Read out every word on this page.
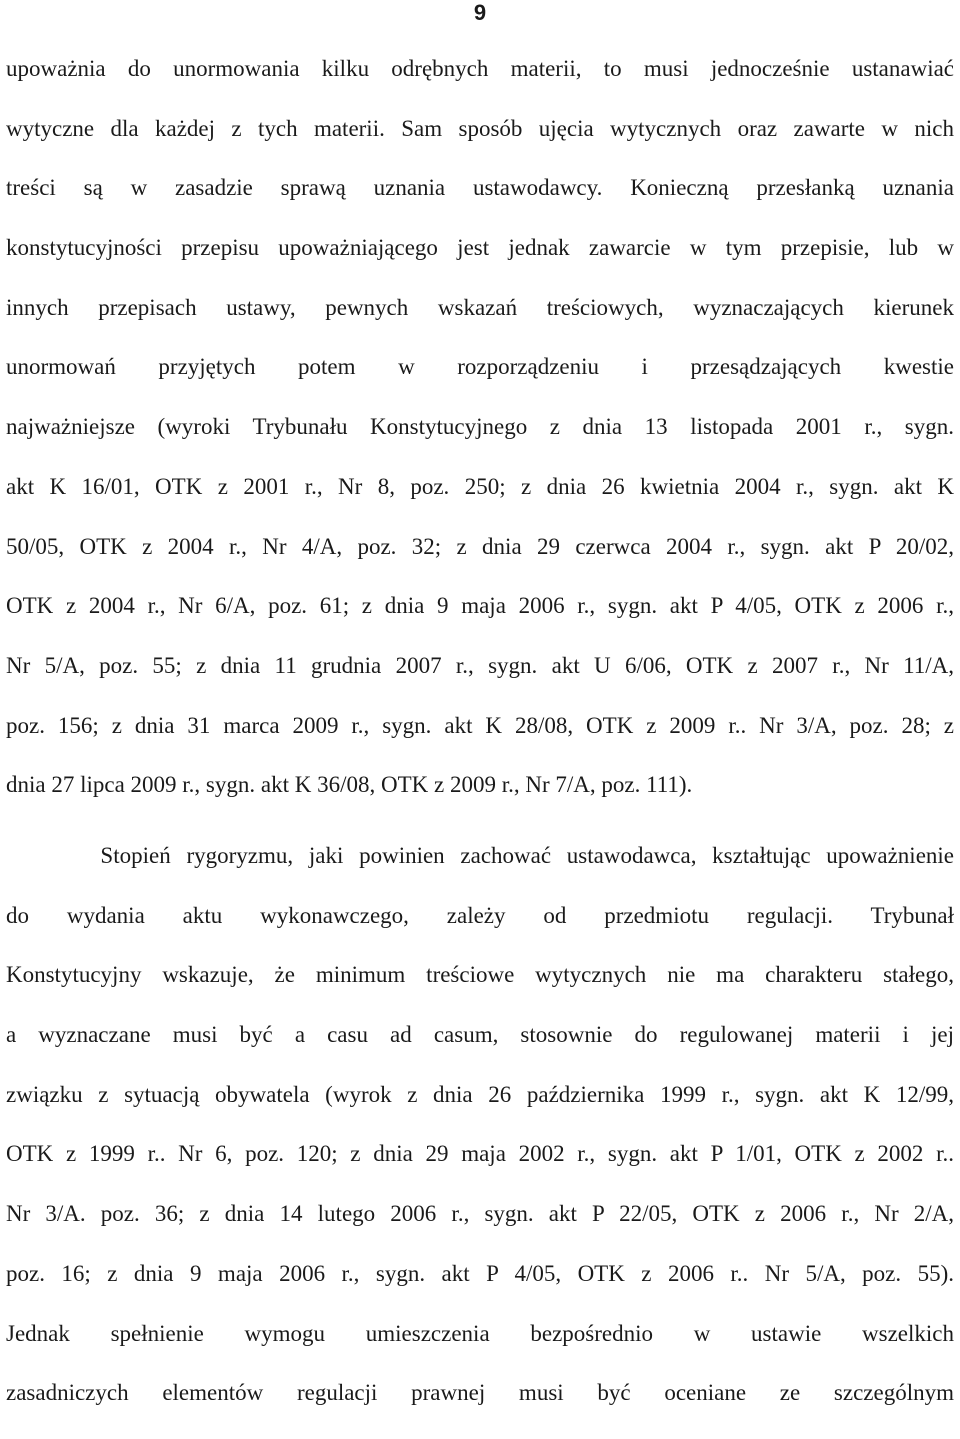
9
upoważnia do unormowania kilku odrębnych materii, to musi jednocześnie ustanawiać
wytyczne dla każdej z tych materii. Sam sposób ujęcia wytycznych oraz zawarte w nich
treści są w zasadzie sprawą uznania ustawodawcy. Konieczną przesłanką uznania
konstytucyjności przepisu upoważniającego jest jednak zawarcie w tym przepisie, lub w
innych przepisach ustawy, pewnych wskazań treściowych, wyznaczających kierunek
unormowań przyjętych potem w rozporządzeniu i przesądzających kwestie
najważniejsze (wyroki Trybunału Konstytucyjnego z dnia 13 listopada 2001 r., sygn.
akt K 16/01, OTK z 2001 r., Nr 8, poz. 250; z dnia 26 kwietnia 2004 r., sygn. akt K
50/05, OTK z 2004 r., Nr 4/A, poz. 32; z dnia 29 czerwca 2004 r., sygn. akt P 20/02,
OTK z 2004 r., Nr 6/A, poz. 61; z dnia 9 maja 2006 r., sygn. akt P 4/05, OTK z 2006 r.,
Nr 5/A, poz. 55; z dnia 11 grudnia 2007 r., sygn. akt U 6/06, OTK z 2007 r., Nr 11/A,
poz. 156; z dnia 31 marca 2009 r., sygn. akt K 28/08, OTK z 2009 r.. Nr 3/A, poz. 28; z
dnia 27 lipca 2009 r., sygn. akt K 36/08, OTK z 2009 r., Nr 7/A, poz. 111).
Stopień rygoryzmu, jaki powinien zachować ustawodawca, kształtując upoważnienie
do wydania aktu wykonawczego, zależy od przedmiotu regulacji. Trybunał
Konstytucyjny wskazuje, że minimum treściowe wytycznych nie ma charakteru stałego,
a wyznaczane musi być a casu ad casum, stosownie do regulowanej materii i jej
związku z sytuacją obywatela (wyrok z dnia 26 października 1999 r., sygn. akt K 12/99,
OTK z 1999 r.. Nr 6, poz. 120; z dnia 29 maja 2002 r., sygn. akt P 1/01, OTK z 2002 r..
Nr 3/A. poz. 36; z dnia 14 lutego 2006 r., sygn. akt P 22/05, OTK z 2006 r., Nr 2/A,
poz. 16; z dnia 9 maja 2006 r., sygn. akt P 4/05, OTK z 2006 r.. Nr 5/A, poz. 55).
Jednak spełnienie wymogu umieszczenia bezpośrednio w ustawie wszelkich
zasadniczych elementów regulacji prawnej musi być oceniane ze szczególnym
